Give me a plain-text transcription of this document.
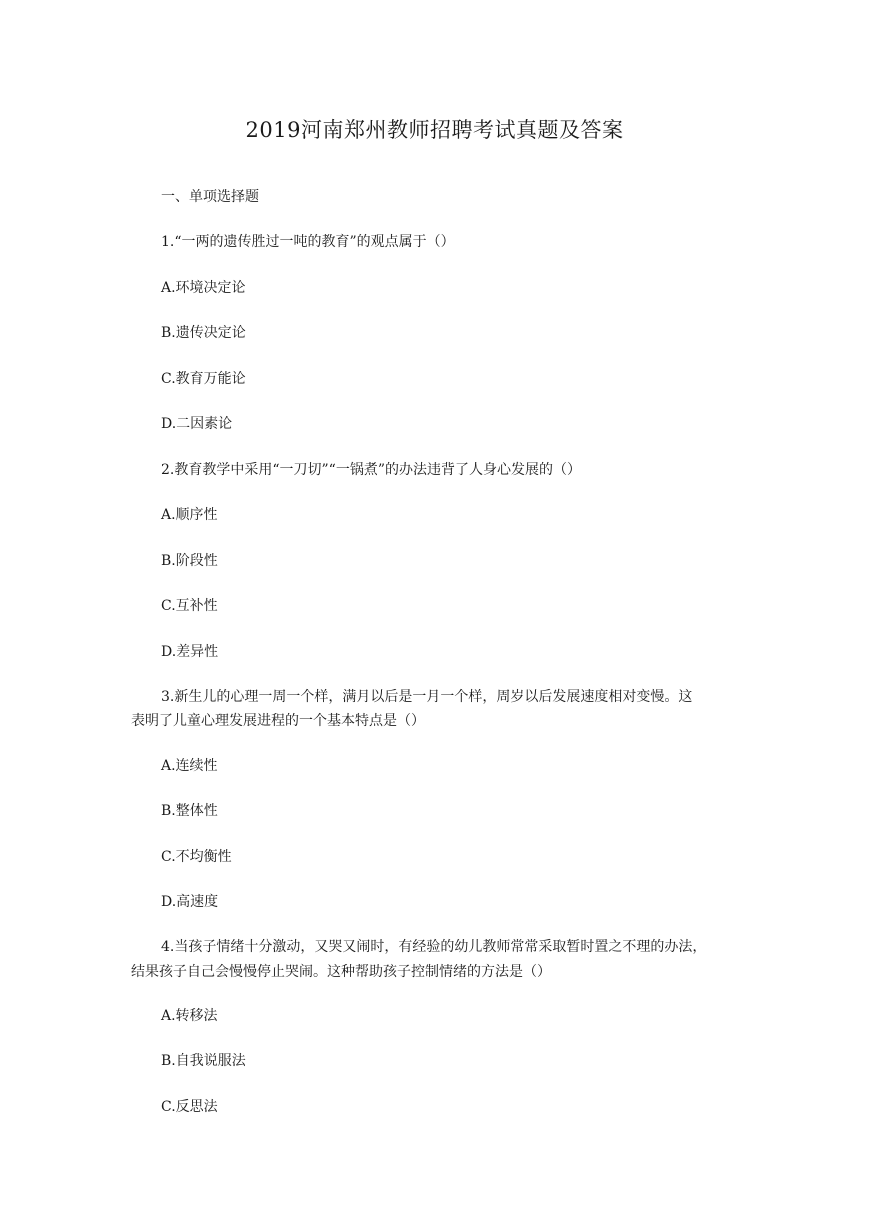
2019河南郑州教师招聘考试真题及答案
一、单项选择题
1.“一两的遗传胜过一吨的教育”的观点属于（）
A.环境决定论
B.遗传决定论
C.教育万能论
D.二因素论
2.教育教学中采用“一刀切”“一锅煮”的办法违背了人身心发展的（）
A.顺序性
B.阶段性
C.互补性
D.差异性
3.新生儿的心理一周一个样，满月以后是一月一个样，周岁以后发展速度相对变慢。这
表明了儿童心理发展进程的一个基本特点是（）
A.连续性
B.整体性
C.不均衡性
D.高速度
4.当孩子情绪十分激动，又哭又闹时，有经验的幼儿教师常常采取暂时置之不理的办法，
结果孩子自己会慢慢停止哭闹。这种帮助孩子控制情绪的方法是（）
A.转移法
B.自我说服法
C.反思法
